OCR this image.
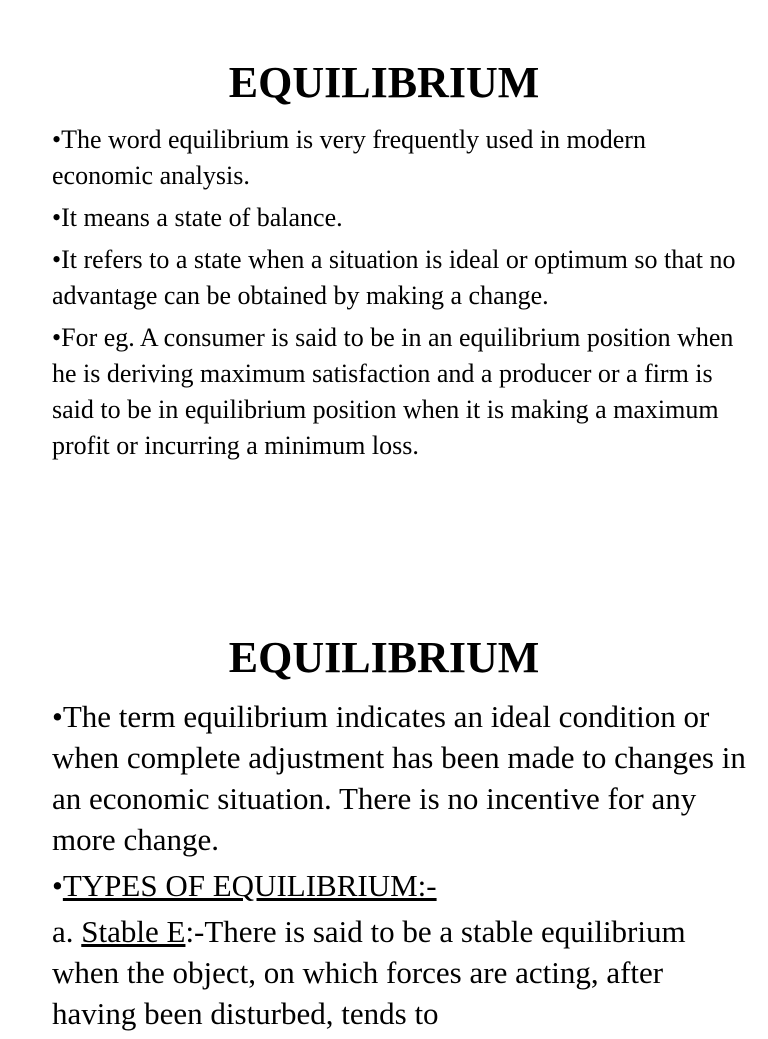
EQUILIBRIUM
•The word equilibrium is very frequently used in modern economic analysis.
•It means a state of balance.
•It refers to a state when a situation is ideal or optimum so that no advantage can be obtained by making a change.
•For eg. A consumer is said to be in an equilibrium position when he is deriving maximum satisfaction and a producer or a firm is said to be in equilibrium position when it is making a maximum profit or incurring a minimum loss.
EQUILIBRIUM
•The term equilibrium indicates an ideal condition or when complete adjustment has been made to changes in an economic situation. There is no incentive for any more change.
•TYPES OF EQUILIBRIUM:-
a. Stable E:-There is said to be a stable equilibrium when the object, on which forces are acting, after having been disturbed, tends to
